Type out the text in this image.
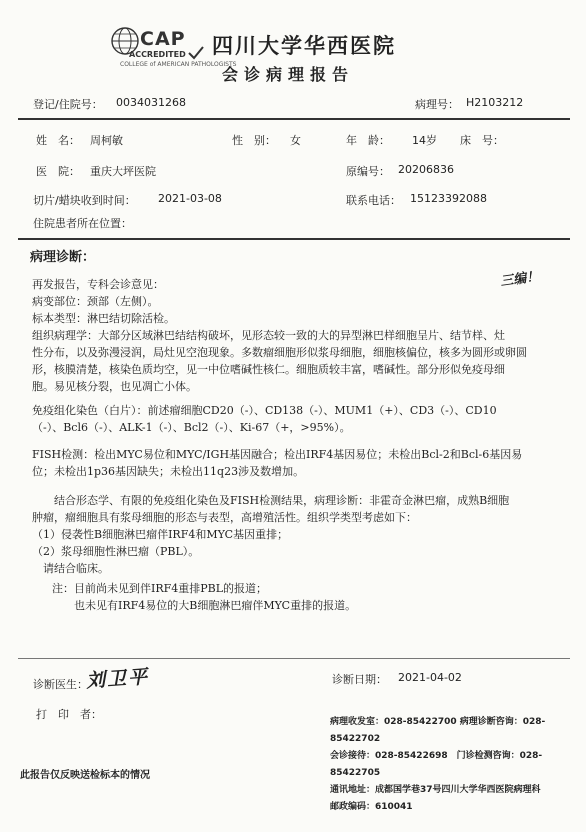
CAP
ACCREDITED
COLLEGE of AMERICAN PATHOLOGISTS
四川大学华西医院
会诊病理报告
登记/住院号： 0034031268	病理号： H2103212
姓　名： 周柯敏	性　别： 女	年　龄： 14岁 床　号：
医　院： 重庆大坪医院	原编号： 20206836
切片/蜡块收到时间： 2021-03-08	联系电话： 15123392088
住院患者所在位置：
病理诊断：
三编！
再发报告，专科会诊意见：
病变部位：颈部（左侧）。
标本类型：淋巴结切除活检。
组织病理学：大部分区域淋巴结结构破坏，见形态较一致的大的异型淋巴样细胞呈片、结节样、灶
性分布，以及弥漫浸润，局灶见空泡现象。多数瘤细胞形似浆母细胞，细胞核偏位，核多为圆形或卵圆
形，核膜清楚，核染色质均空，见一中位嗜碱性核仁。细胞质较丰富，嗜碱性。部分形似免疫母细
胞。易见核分裂，也见凋亡小体。
免疫组化染色（白片）：前述瘤细胞CD20（-）、CD138（-）、MUM1（+）、CD3（-）、CD10
（-）、Bcl6（-）、ALK-1（-）、Bcl2（-）、Ki-67（+，>95%）。
FISH检测：检出MYC易位和MYC/IGH基因融合；检出IRF4基因易位；未检出Bcl-2和Bcl-6基因易
位；未检出1p36基因缺失；未检出11q23涉及数增加。
　　结合形态学、有限的免疫组化染色及FISH检测结果，病理诊断：非霍奇金淋巴瘤，成熟B细胞
肿瘤，瘤细胞具有浆母细胞的形态与表型，高增殖活性。组织学类型考虑如下：
（1）侵袭性B细胞淋巴瘤伴IRF4和MYC基因重排；
（2）浆母细胞性淋巴瘤（PBL）。
　请结合临床。
注：目前尚未见到伴IRF4重排PBL的报道；
　　也未见有IRF4易位的大B细胞淋巴瘤伴MYC重排的报道。
诊断医生：
刘卫平	诊断日期： 2021-04-02
打　印　者：
病理收发室：028-85422700 病理诊断咨询：028-85422702
会诊接待：028-85422698　门诊检测咨询：028-85422705
通讯地址：成都国学巷37号四川大学华西医院病理科
邮政编码：610041
此报告仅反映送检标本的情况
